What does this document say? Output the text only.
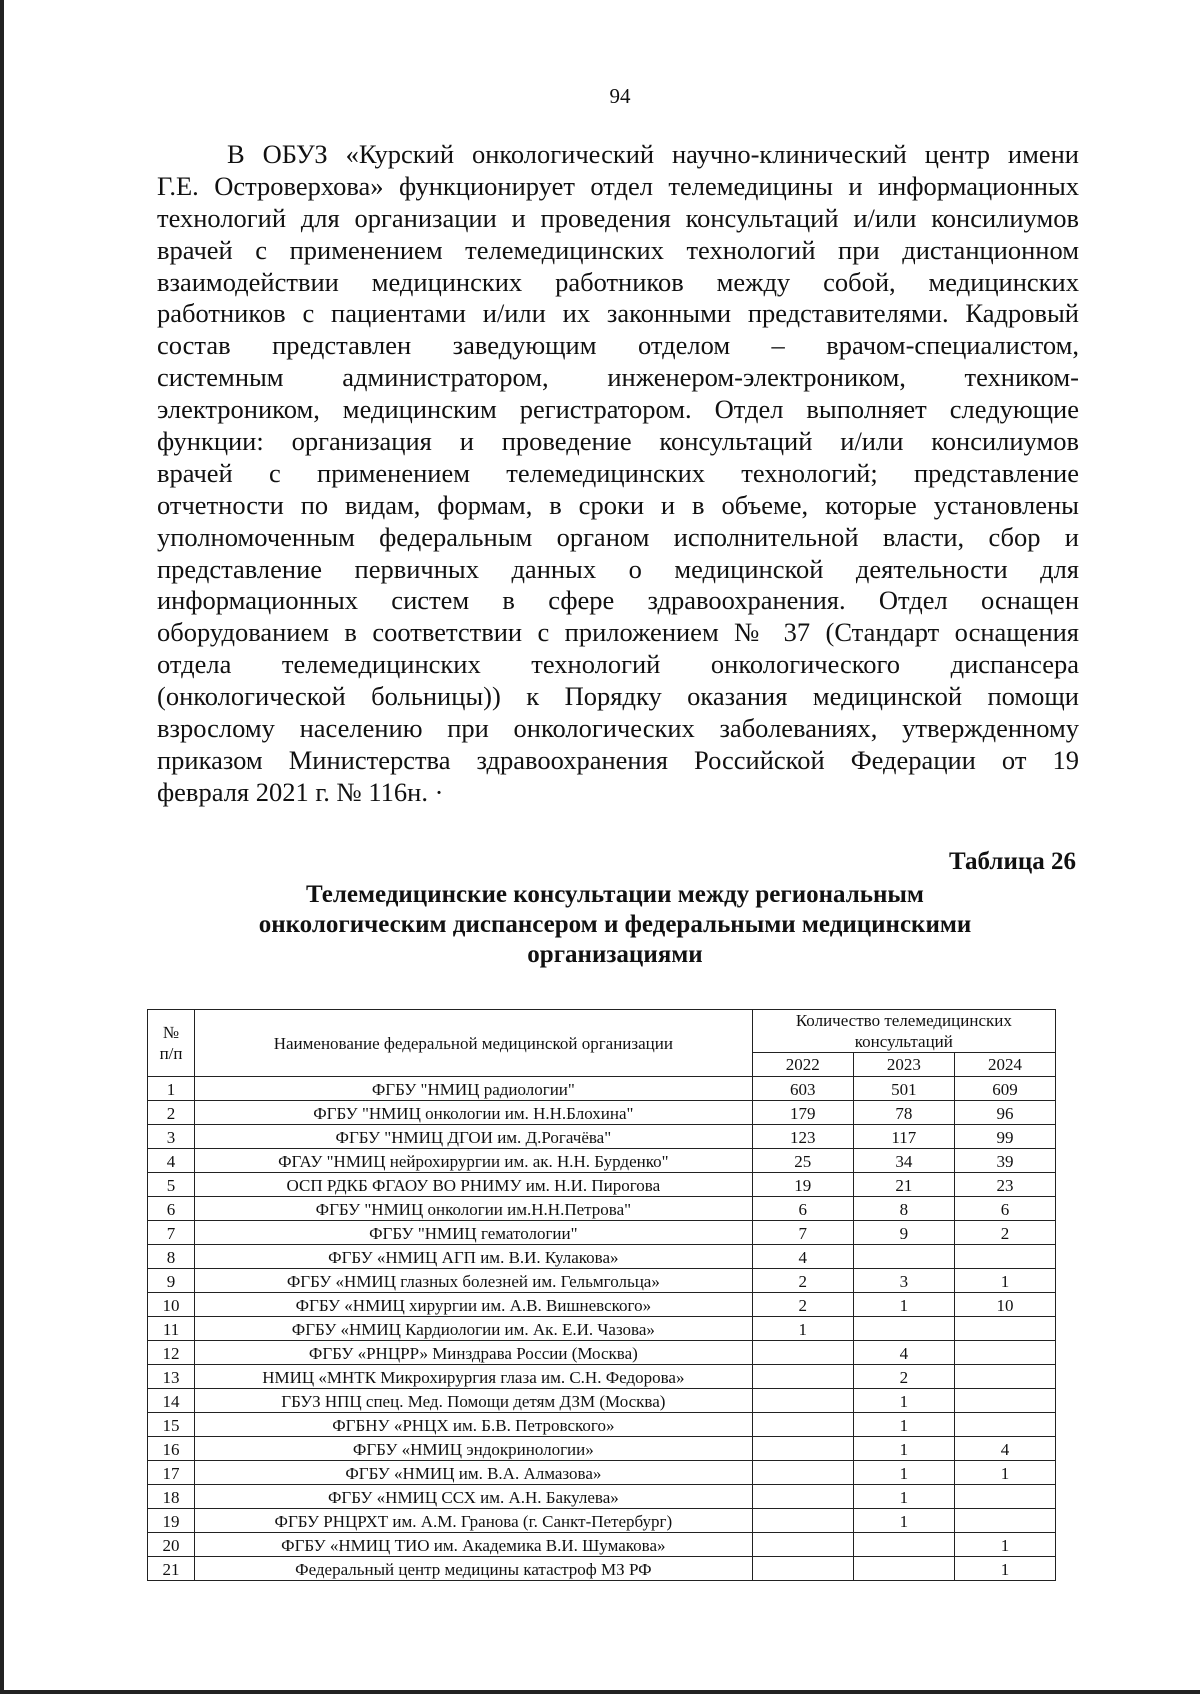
94
В ОБУЗ «Курский онкологический научно-клинический центр имени
Г.Е. Островерхова» функционирует отдел телемедицины и информационных
технологий для организации и проведения консультаций и/или консилиумов
врачей с применением телемедицинских технологий при дистанционном
взаимодействии медицинских работников между собой, медицинских
работников с пациентами и/или их законными представителями. Кадровый
состав представлен заведующим отделом – врачом-специалистом,
системным администратором, инженером-электроником, техником-
электроником, медицинским регистратором. Отдел выполняет следующие
функции: организация и проведение консультаций и/или консилиумов
врачей с применением телемедицинских технологий; представление
отчетности по видам, формам, в сроки и в объеме, которые установлены
уполномоченным федеральным органом исполнительной власти, сбор и
представление первичных данных о медицинской деятельности для
информационных систем в сфере здравоохранения. Отдел оснащен
оборудованием в соответствии с приложением № 37 (Стандарт оснащения
отдела телемедицинских технологий онкологического диспансера
(онкологической больницы)) к Порядку оказания медицинской помощи
взрослому населению при онкологических заболеваниях, утвержденному
приказом Министерства здравоохранения Российской Федерации от 19
февраля 2021 г. № 116н. ·
Таблица 26
Телемедицинские консультации между региональным
онкологическим диспансером и федеральными медицинскими
организациями
№
п/п	Наименование федеральной медицинской организации	Количество телемедицинских
консультаций		
		2022	2023	2024
1	ФГБУ "НМИЦ радиологии"	603	501	609
2	ФГБУ "НМИЦ онкологии им. Н.Н.Блохина"	179	78	96
3	ФГБУ "НМИЦ ДГОИ им. Д.Рогачёва"	123	117	99
4	ФГАУ "НМИЦ нейрохирургии им. ак. Н.Н. Бурденко"	25	34	39
5	ОСП РДКБ ФГАОУ ВО РНИМУ им. Н.И. Пирогова	19	21	23
6	ФГБУ "НМИЦ онкологии им.Н.Н.Петрова"	6	8	6
7	ФГБУ "НМИЦ гематологии"	7	9	2
8	ФГБУ «НМИЦ АГП им. В.И. Кулакова»	4		
9	ФГБУ «НМИЦ глазных болезней им. Гельмгольца»	2	3	1
10	ФГБУ «НМИЦ хирургии им. А.В. Вишневского»	2	1	10
11	ФГБУ «НМИЦ Кардиологии им. Ак. Е.И. Чазова»	1		
12	ФГБУ «РНЦРР» Минздрава России (Москва)		4	
13	НМИЦ «МНТК Микрохирургия глаза им. С.Н. Федорова»		2	
14	ГБУЗ НПЦ спец. Мед. Помощи детям ДЗМ (Москва)		1	
15	ФГБНУ «РНЦХ им. Б.В. Петровского»		1	
16	ФГБУ «НМИЦ эндокринологии»		1	4
17	ФГБУ «НМИЦ им. В.А. Алмазова»		1	1
18	ФГБУ «НМИЦ ССХ им. А.Н. Бакулева»		1	
19	ФГБУ РНЦРХТ им. А.М. Гранова (г. Санкт-Петербург)		1	
20	ФГБУ «НМИЦ ТИО им. Академика В.И. Шумакова»			1
21	Федеральный центр медицины катастроф МЗ РФ			1
